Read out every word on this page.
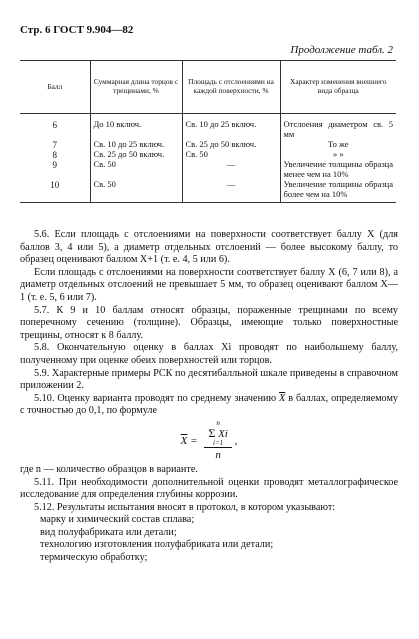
Стр. 6 ГОСТ 9.904—82
Продолжение табл. 2
Балл	Суммарная длина торцов с трещинами, %	Площадь с отслоениями на каждой поверхности, %	Характер изменения внешнего вида образца
6	До 10 включ.	Св. 10 до 25 включ.	Отслоения диаметром св. 5 мм
7	Св. 10 до 25 включ.	Св. 25 до 50 включ.	То же
8	Св. 25 до 50 включ.	Св. 50	» »
9	Св. 50	—	Увеличение толщины образца менее чем на 10%
10	Св. 50	—	Увеличение толщины образца более чем на 10%

5.6. Если площадь с отслоениями на поверхности соответствует баллу X (для баллов 3, 4 или 5), а диаметр отдельных отслоений — более высокому баллу, то образец оценивают баллом X+1 (т. е. 4, 5 или 6).

Если площадь с отслоениями на поверхности соответствует баллу X (6, 7 или 8), а диаметр отдельных отслоений не превышает 5 мм, то образец оценивают баллом X—1 (т. е. 5, 6 или 7).

5.7. К 9 и 10 баллам относят образцы, пораженные трещинами по всему поперечному сечению (толщине). Образцы, имеющие только поверхностные трещины, относят к 8 баллу.

5.8. Окончательную оценку в баллах Xi проводят по наибольшему баллу, полученному при оценке обеих поверхностей или торцов.

5.9. Характерные примеры РСК по десятибалльной шкале приведены в справочном приложении 2.

5.10. Оценку варианта проводят по среднему значению $\overline{X}$ в баллах, определяемому с точностью до 0,1, по формуле

$\overline{X} = n$
Σ Xi
i=1
n ,

где n — количество образцов в варианте.

5.11. При необходимости дополнительной оценки проводят металлографическое исследование для определения глубины коррозии.

5.12. Результаты испытания вносят в протокол, в котором указывают:

марку и химический состав сплава;

вид полуфабриката или детали;

технологию изготовления полуфабриката или детали;

термическую обработку;
